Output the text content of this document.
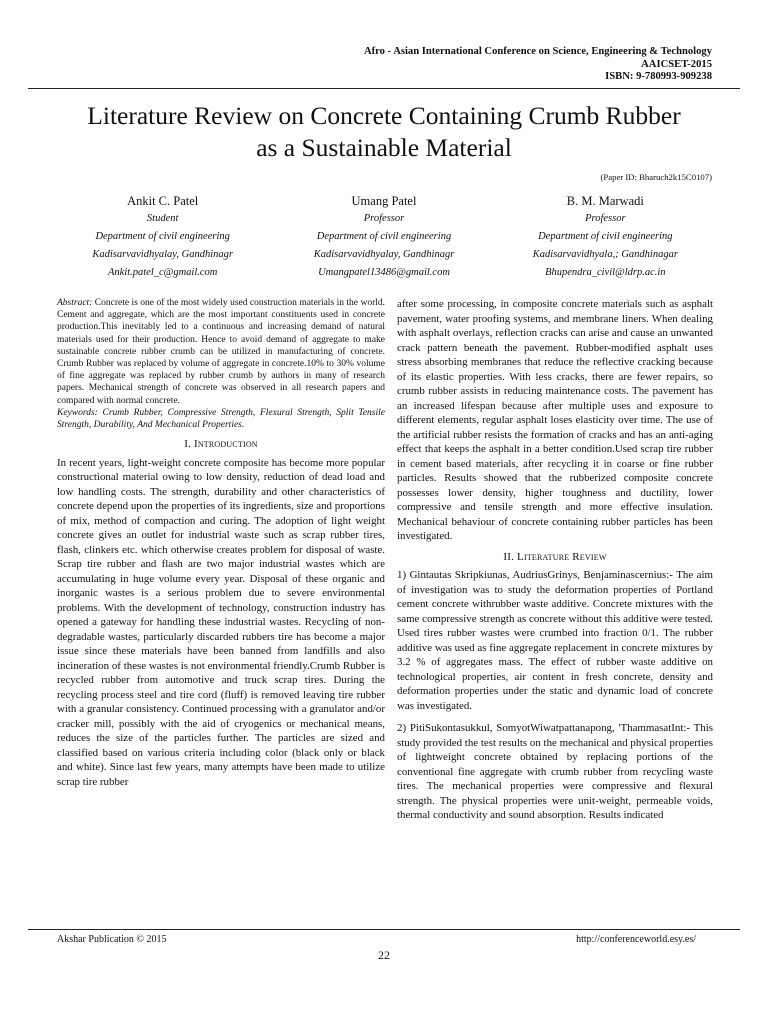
Afro - Asian International Conference on Science, Engineering & Technology
AAICSET-2015
ISBN: 9-780993-909238
Literature Review on Concrete Containing Crumb Rubber
as a Sustainable Material
(Paper ID: Bharuch2k15C0107)
Ankit C. Patel
Student
Department of civil engineering
Kadisarvavidhyalay, Gandhinagr
Ankit.patel_c@gmail.com
Umang Patel
Professor
Department of civil engineering
Kadisarvavidhyalay, Gandhinagr
Umangpatel13486@gmail.com
B. M. Marwadi
Professor
Department of civil engineering
Kadisarvavidhyala,; Gandhinagar
Bhupendra_civil@ldrp.ac.in

Abstract: Concrete is one of the most widely used construction materials in the world. Cement and aggregate, which are the most important constituents used in concrete production.This inevitably led to a continuous and increasing demand of natural materials used for their production. Hence to avoid demand of aggregate to make sustainable concrete rubber crumb can be utilized in manufacturing of concrete. Crumb Rubber was replaced by volume of aggregate in concrete.10% to 30% volume of fine aggregate was replaced by rubber crumb by authors in many of research papers. Mechanical strength of concrete was observed in all research papers and compared with normal concrete.

Keywords: Crumb Rubber, Compressive Strength, Flexural Strength, Split Tensile Strength, Durability, And Mechanical Properties.

I. Introduction

In recent years, light-weight concrete composite has become more popular constructional material owing to low density, reduction of dead load and low handling costs. The strength, durability and other characteristics of concrete depend upon the properties of its ingredients, size and proportions of mix, method of compaction and curing. The adoption of light weight concrete gives an outlet for industrial waste such as scrap rubber tires, flash, clinkers etc. which otherwise creates problem for disposal of waste. Scrap tire rubber and flash are two major industrial wastes which are accumulating in huge volume every year. Disposal of these organic and inorganic wastes is a serious problem due to severe environmental problems. With the development of technology, construction industry has opened a gateway for handling these industrial wastes. Recycling of non-degradable wastes, particularly discarded rubbers tire has become a major issue since these materials have been banned from landfills and also incineration of these wastes is not environmental friendly.Crumb Rubber is recycled rubber from automotive and truck scrap tires. During the recycling process steel and tire cord (fluff) is removed leaving tire rubber with a granular consistency. Continued processing with a granulator and/or cracker mill, possibly with the aid of cryogenics or mechanical means, reduces the size of the particles further. The particles are sized and classified based on various criteria including color (black only or black and white). Since last few years, many attempts have been made to utilize scrap tire rubber

after some processing, in composite concrete materials such as asphalt pavement, water proofing systems, and membrane liners. When dealing with asphalt overlays, reflection cracks can arise and cause an unwanted crack pattern beneath the pavement. Rubber-modified asphalt uses stress absorbing membranes that reduce the reflective cracking because of its elastic properties. With less cracks, there are fewer repairs, so crumb rubber assists in reducing maintenance costs. The pavement has an increased lifespan because after multiple uses and exposure to different elements, regular asphalt loses elasticity over time. The use of the artificial rubber resists the formation of cracks and has an anti-aging effect that keeps the asphalt in a better condition.Used scrap tire rubber in cement based materials, after recycling it in coarse or fine rubber particles. Results showed that the rubberized composite concrete possesses lower density, higher toughness and ductility, lower compressive and tensile strength and more effective insulation. Mechanical behaviour of concrete containing rubber particles has been investigated.

II. Literature Review

1) Gintautas Skripkiunas, AudriusGrinys, Benjaminascernius:- The aim of investigation was to study the deformation properties of Portland cement concrete withrubber waste additive. Concrete mixtures with the same compressive strength as concrete without this additive were tested. Used tires rubber wastes were crumbed into fraction 0/1. The rubber additive was used as fine aggregate replacement in concrete mixtures by 3.2 % of aggregates mass. The effect of rubber waste additive on technological properties, air content in fresh concrete, density and deformation properties under the static and dynamic load of concrete was investigated.

2) PitiSukontasukkul, SomyotWiwatpattanapong, 'ThammasatInt:- This study provided the test results on the mechanical and physical properties of lightweight concrete obtained by replacing portions of the conventional fine aggregate with crumb rubber from recycling waste tires. The mechanical properties were compressive and flexural strength. The physical properties were unit-weight, permeable voids, thermal conductivity and sound absorption. Results indicated

Akshar Publication © 2015	http://conferenceworld.esy.es/
22
